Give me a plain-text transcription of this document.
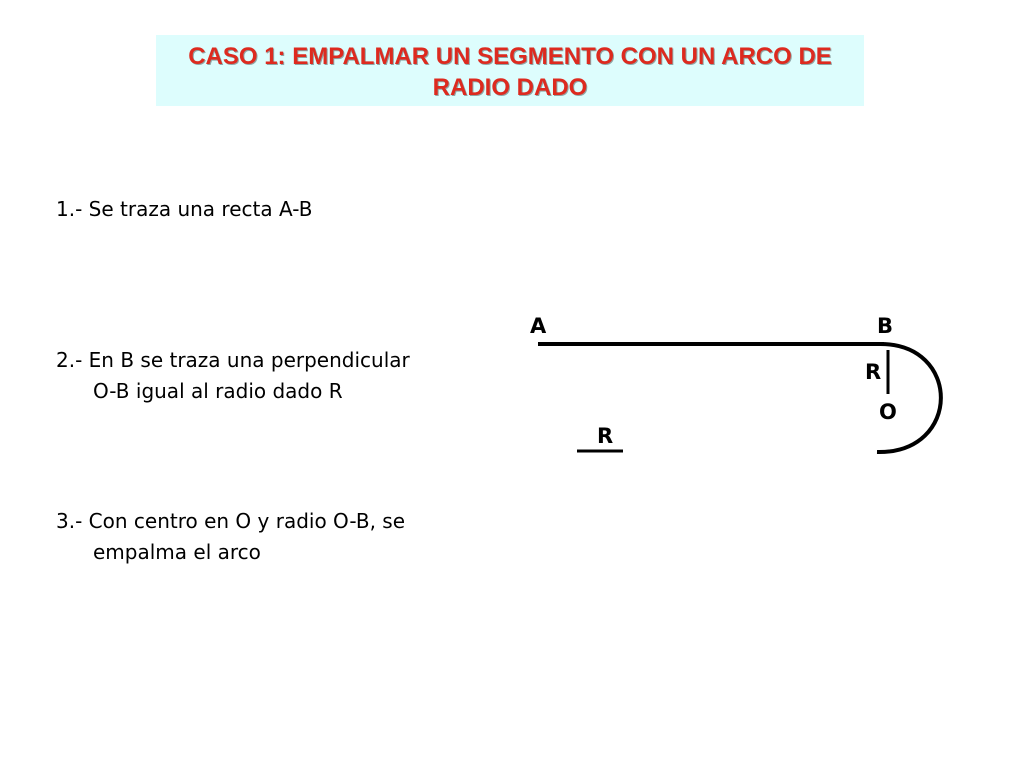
CASO 1: EMPALMAR UN SEGMENTO CON UN ARCO DE
RADIO DADO
1.- Se traza una recta A-B
2.- En B se traza una perpendicular
O-B igual al radio dado R
3.- Con centro en O y radio O-B, se
empalma el arco
A	B
R
O
R
